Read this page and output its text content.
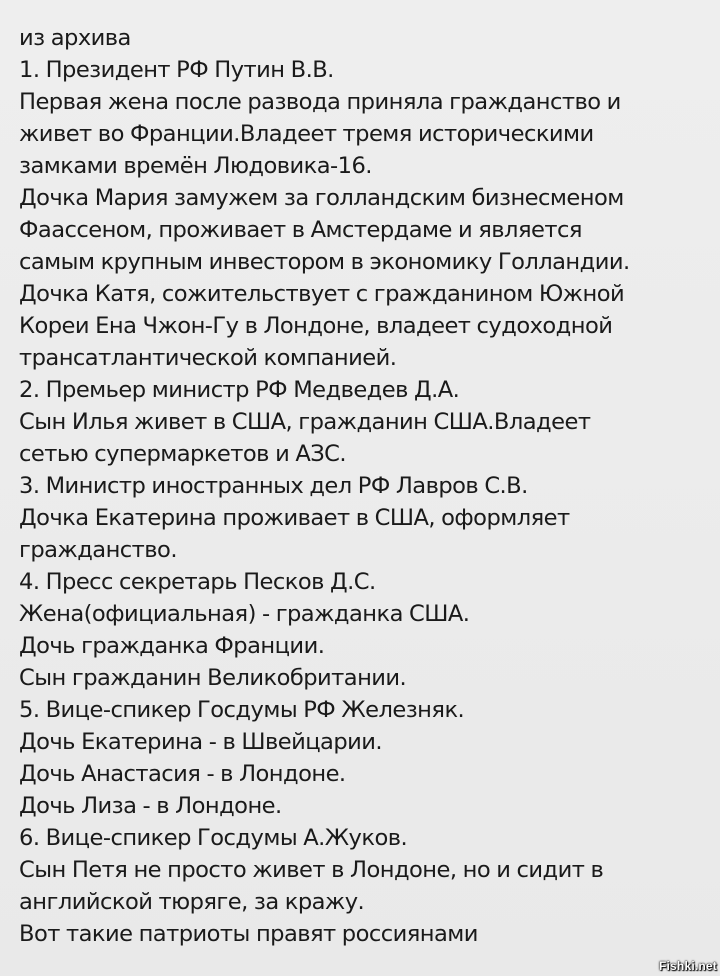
из архива
1. Президент РФ Путин В.В.
Первая жена после развода приняла гражданство и
живет во Франции.Владеет тремя историческими
замками времён Людовика-16.
Дочка Мария замужем за голландским бизнесменом
Фаассеном, проживает в Амстердаме и является
самым крупным инвестором в экономику Голландии.
Дочка Катя, сожительствует с гражданином Южной
Кореи Ена Чжон-Гу в Лондоне, владеет судоходной
трансатлантической компанией.
2. Премьер министр РФ Медведев Д.А.
Сын Илья живет в США, гражданин США.Владеет
сетью супермаркетов и АЗС.
3. Министр иностранных дел РФ Лавров С.В.
Дочка Екатерина проживает в США, оформляет
гражданство.
4. Пресс секретарь Песков Д.С.
Жена(официальная) - гражданка США.
Дочь гражданка Франции.
Сын гражданин Великобритании.
5. Вице-спикер Госдумы РФ Железняк.
Дочь Екатерина - в Швейцарии.
Дочь Анастасия - в Лондоне.
Дочь Лиза - в Лондоне.
6. Вице-спикер Госдумы А.Жуков.
Сын Петя не просто живет в Лондоне, но и сидит в
английской тюряге, за кражу.
Вот такие патриоты правят россиянами
Fishki.net
